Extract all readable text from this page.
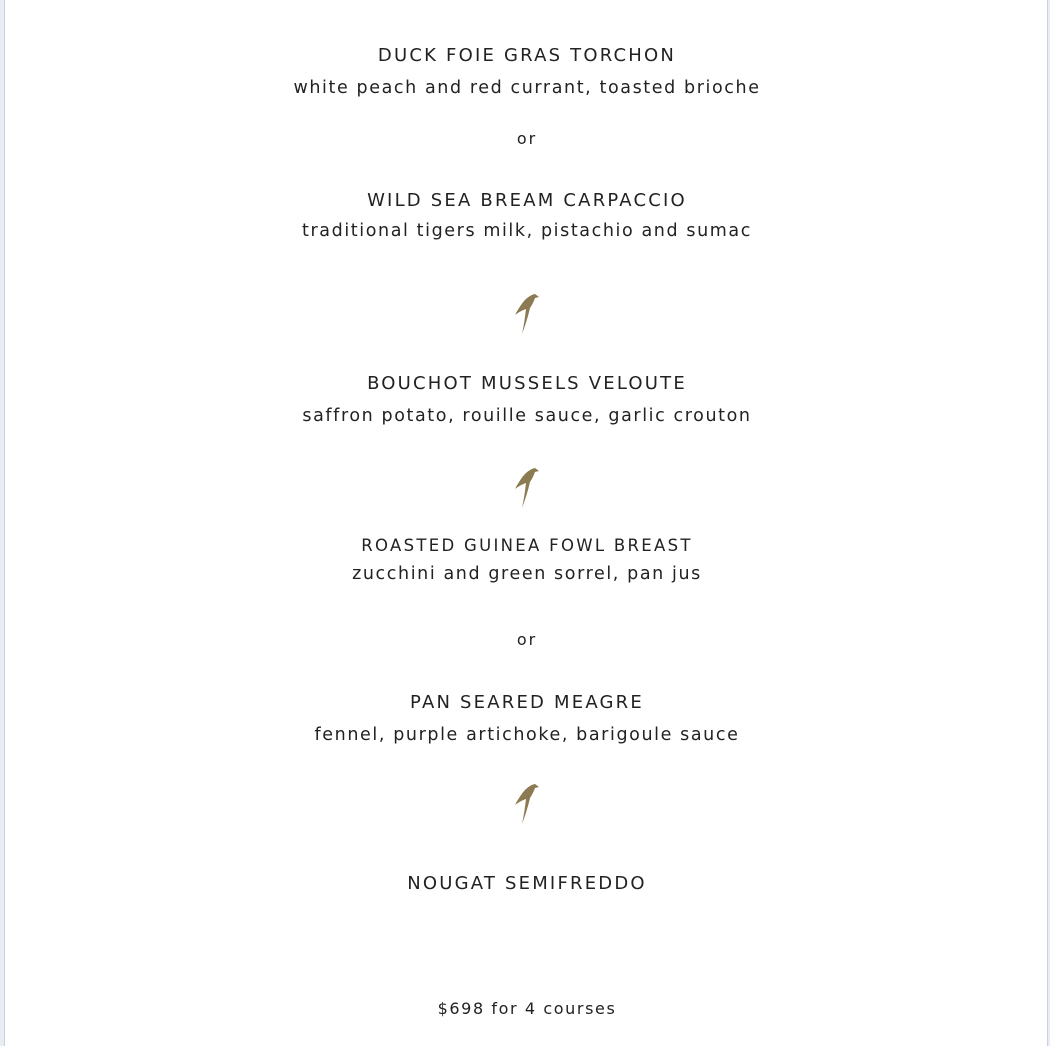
DUCK FOIE GRAS TORCHON
white peach and red currant, toasted brioche
or
WILD SEA BREAM CARPACCIO
traditional tigers milk, pistachio and sumac
BOUCHOT MUSSELS VELOUTE
saffron potato, rouille sauce, garlic crouton
ROASTED GUINEA FOWL BREAST
zucchini and green sorrel, pan jus
or
PAN SEARED MEAGRE
fennel, purple artichoke, barigoule sauce
NOUGAT SEMIFREDDO
$698 for 4 courses
